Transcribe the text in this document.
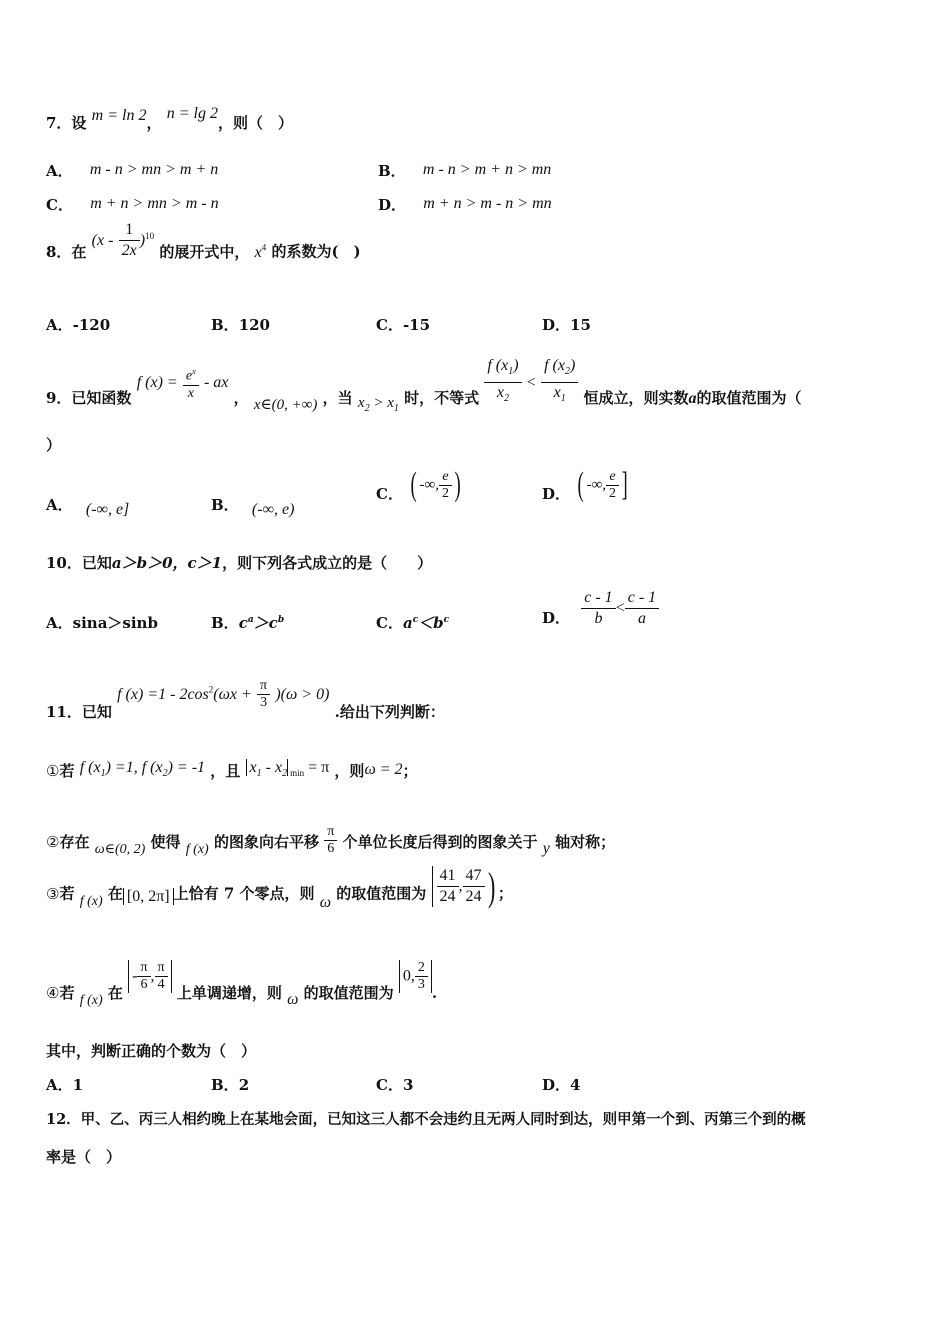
7．设 m = ln 2， n = lg 2，则（　）
A． m - n > mn > m + n	B． m - n > m + n > mn
C． m + n > mn > m - n	D． m + n > m - n > mn
8．在 $(x - \frac{1}{2x} )^{10}$ 的展开式中， $x^4$ 的系数为(　)
A．-120	B．120	C．-15	D．15
9．已知函数 f $(x) = \frac{e^x}{x}$ - ax ， x∈(0, +∞) ，当 $x_2 > x_1$ 时，不等式 $\frac{f (x_1)}{x_2} < \frac{f (x_2)}{x_1}$ 恒成立，则实数a的取值范围为（
）
A． (-∞, e]	B． (-∞, e)
C． ( -∞, $\frac{e}{2}$ )	D． ( -∞, $\frac{e}{2}$ ]
10．已知a＞b＞0，c＞1，则下列各式成立的是（　　）
A．sina＞sinb	B．$c^a>c^b$	C．$a^c<b^c$	D． $\frac{c - 1}{b} < \frac{c - 1}{a}$
11．已知 f $(x) =1 - 2\cos^2(\omega x + \frac{\pi}{3} )(\omega > 0)$ .给出下列判断：
①若 f $(x_1) =1$, f $(x_2) = -1$ ，且 $x_1 - x_2$ $_{min}$ = π ，则ω = 2；
②存在 ω∈(0, 2) 使得 f (x) 的图象向右平移 $\frac{\pi}{6}$ 个单位长度后得到的图象关于 y 轴对称；
③若 f (x) 在 [0, 2π] 上恰有 7 个零点，则 ω 的取值范围为 $\frac{41}{24}$ , $\frac{47}{24}$ ) ；
④若 f (x) 在 - $\frac{\pi}{6}$ , $\frac{\pi}{4}$ 上单调递增，则 ω 的取值范围为 0, $\frac{2}{3}$ .
其中，判断正确的个数为（　）
A．1	B．2	C．3	D．4
12．甲、乙、丙三人相约晚上在某地会面，已知这三人都不会违约且无两人同时到达，则甲第一个到、丙第三个到的概
率是（　）
